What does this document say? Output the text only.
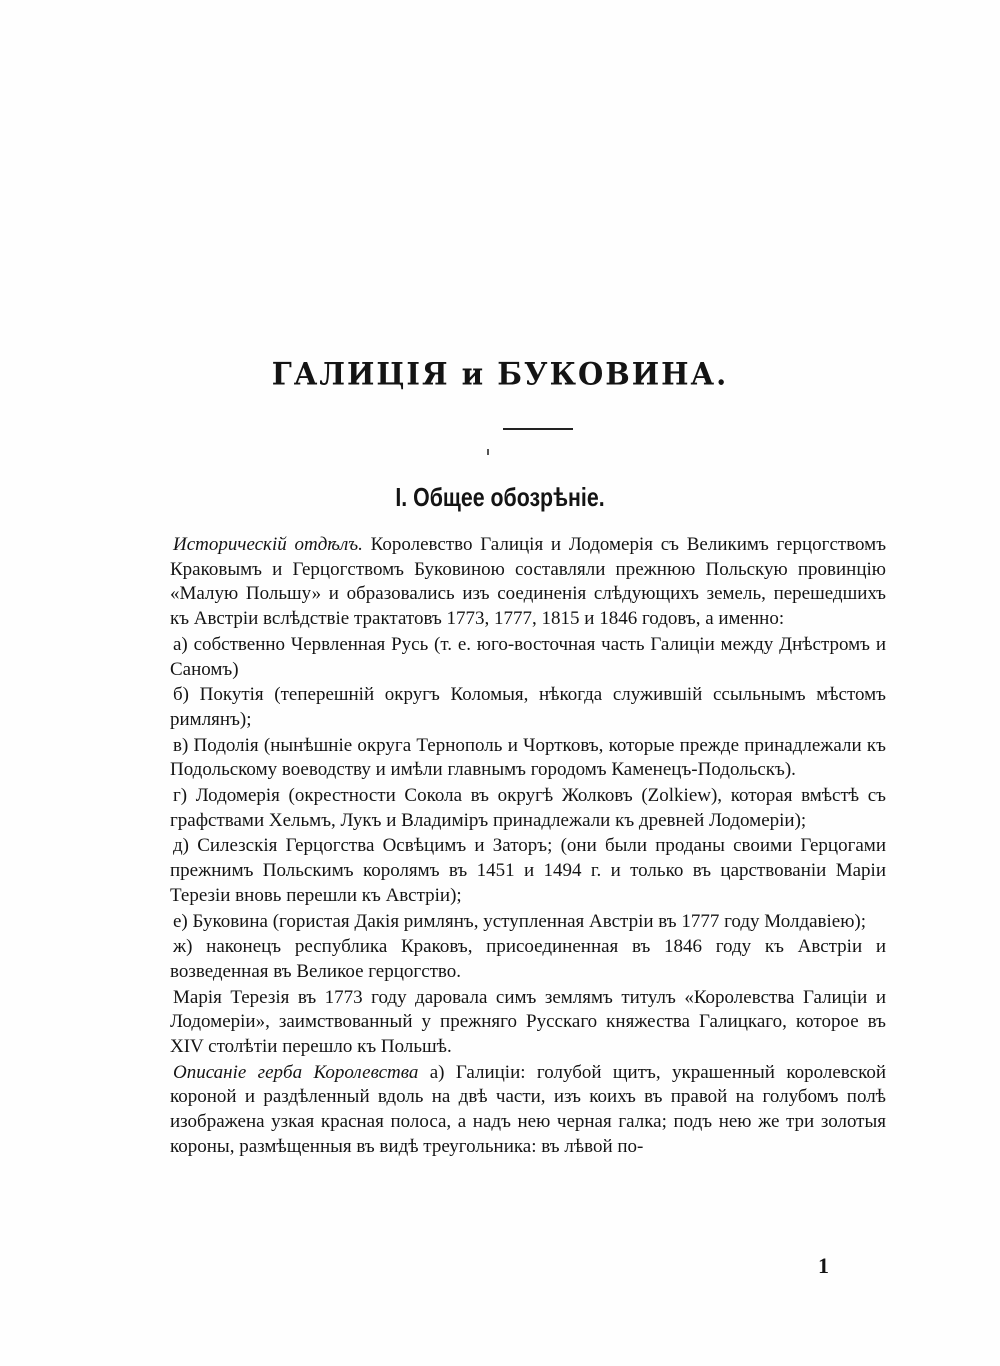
ГАЛИЦІЯ и БУКОВИНА.
I. Общее обозрѣніе.

Историческій отдѣлъ. Королевство Галиція и Лодомерія съ Великимъ герцогствомъ Краковымъ и Герцогствомъ Буковиною составляли прежнюю Польскую провинцію «Малую Польшу» и образовались изъ соединенія слѣдующихъ земель, перешедшихъ къ Австріи вслѣдствіе трактатовъ 1773, 1777, 1815 и 1846 годовъ, а именно:

а) собственно Червленная Русь (т. е. юго-восточная часть Галиціи между Днѣстромъ и Саномъ)

б) Покутія (теперешній округъ Коломыя, нѣкогда служившій ссыльнымъ мѣстомъ римлянъ);

в) Подолія (нынѣшніе округа Тернополь и Чортковъ, которые прежде принадлежали къ Подольскому воеводству и имѣли главнымъ городомъ Каменецъ-Подольскъ).

г) Лодомерія (окрестности Сокола въ округѣ Жолковъ (Zolkiew), которая вмѣстѣ съ графствами Хельмъ, Лукъ и Владиміръ принадлежали къ древней Лодомеріи);

д) Силезскія Герцогства Освѣцимъ и Заторъ; (они были проданы своими Герцогами прежнимъ Польскимъ королямъ въ 1451 и 1494 г. и только въ царствованіи Маріи Терезіи вновь перешли къ Австріи);

е) Буковина (гористая Дакія римлянъ, уступленная Австріи въ 1777 году Молдавіею);

ж) наконецъ республика Краковъ, присоединенная въ 1846 году къ Австріи и возведенная въ Великое герцогство.

Марія Терезія въ 1773 году даровала симъ землямъ титулъ «Королевства Галиціи и Лодомеріи», заимствованный у прежняго Русскаго княжества Галицкаго, которое въ XIV столѣтіи перешло къ Польшѣ.

Описаніе герба Королевства а) Галиціи: голубой щитъ, украшенный королевской короной и раздѣленный вдоль на двѣ части, изъ коихъ въ правой на голубомъ полѣ изображена узкая красная полоса, а надъ нею черная галка; подъ нею же три золотыя короны, размѣщенныя въ видѣ треугольника: въ лѣвой по-

1
